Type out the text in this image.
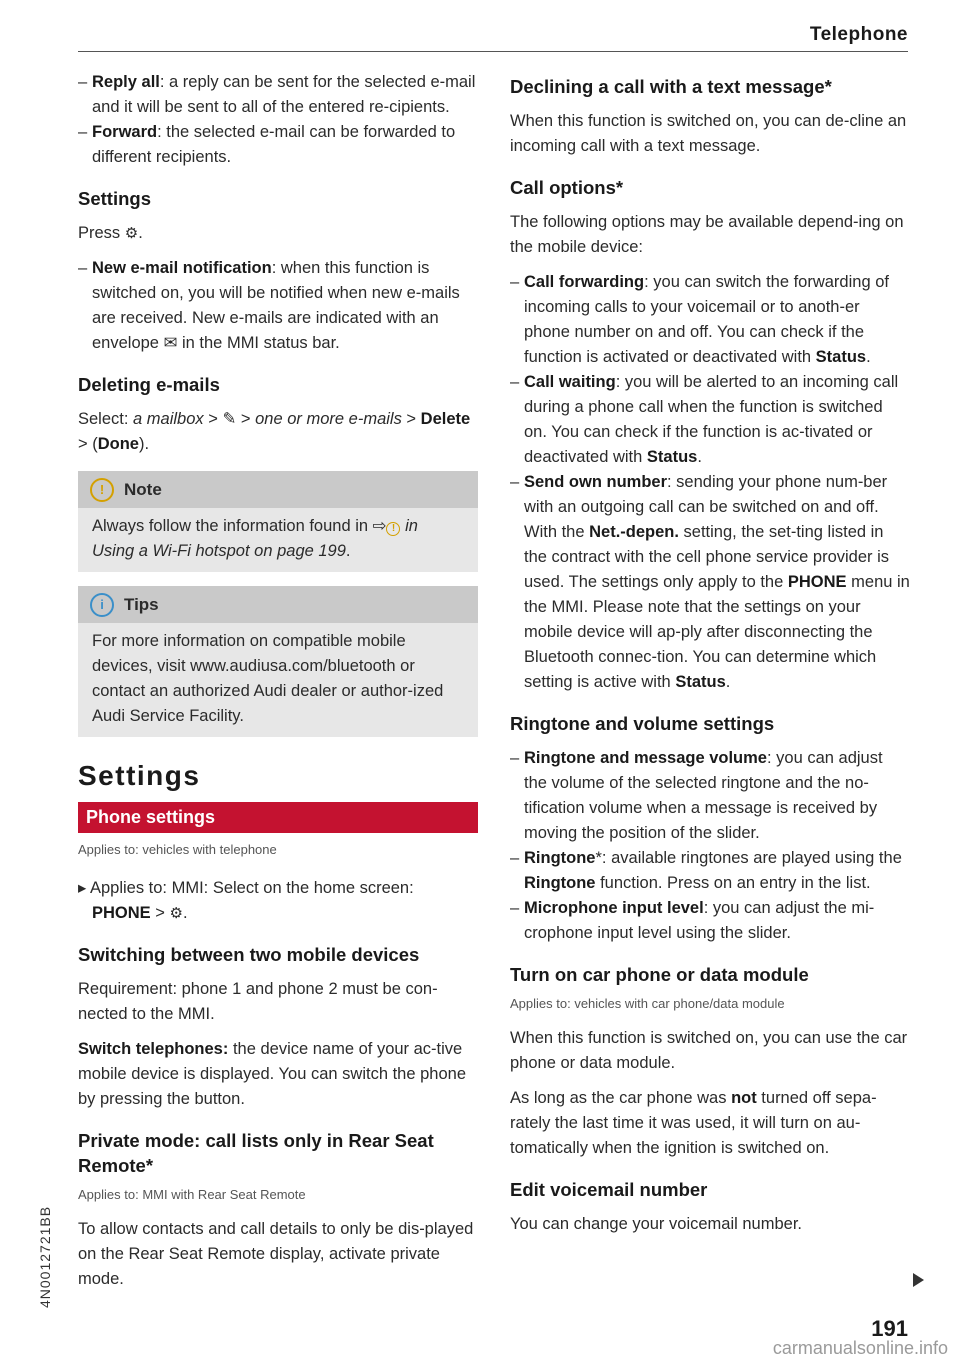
Telephone
4N0012721BB

– Reply all: a reply can be sent for the selected e-mail and it will be sent to all of the entered re-cipients.

– Forward: the selected e-mail can be forwarded to different recipients.

Settings

Press ⚙.

– New e-mail notification: when this function is switched on, you will be notified when new e-mails are received. New e-mails are indicated with an envelope ✉ in the MMI status bar.

Deleting e-mails

Select: a mailbox > ✎ > one or more e-mails > Delete > (Done).

!	Note
Always follow the information found in ⇨ ! in Using a Wi-Fi hotspot on page 199.
i	Tips
For more information on compatible mobile devices, visit www.audiusa.com/bluetooth or contact an authorized Audi dealer or author-ized Audi Service Facility.
Settings
Phone settings
Applies to: vehicles with telephone

▸ Applies to: MMI: Select on the home screen:
PHONE > ⚙.

Switching between two mobile devices

Requirement: phone 1 and phone 2 must be con-nected to the MMI.

Switch telephones: the device name of your ac-tive mobile device is displayed. You can switch the phone by pressing the button.

Private mode: call lists only in Rear Seat Remote*
Applies to: MMI with Rear Seat Remote

To allow contacts and call details to only be dis-played on the Rear Seat Remote display, activate private mode.

Declining a call with a text message*

When this function is switched on, you can de-cline an incoming call with a text message.

Call options*

The following options may be available depend-ing on the mobile device:

– Call forwarding: you can switch the forwarding of incoming calls to your voicemail or to anoth-er phone number on and off. You can check if the function is activated or deactivated with Status.

– Call waiting: you will be alerted to an incoming call during a phone call when the function is switched on. You can check if the function is ac-tivated or deactivated with Status.

– Send own number: sending your phone num-ber with an outgoing call can be switched on and off. With the Net.-depen. setting, the set-ting listed in the contract with the cell phone service provider is used. The settings only apply to the PHONE menu in the MMI. Please note that the settings on your mobile device will ap-ply after disconnecting the Bluetooth connec-tion. You can determine which setting is active with Status.

Ringtone and volume settings

– Ringtone and message volume: you can adjust the volume of the selected ringtone and the no-tification volume when a message is received by moving the position of the slider.

– Ringtone*: available ringtones are played using the Ringtone function. Press on an entry in the list.

– Microphone input level: you can adjust the mi-crophone input level using the slider.

Turn on car phone or data module
Applies to: vehicles with car phone/data module

When this function is switched on, you can use the car phone or data module.

As long as the car phone was not turned off sepa-rately the last time it was used, it will turn on au-tomatically when the ignition is switched on.

Edit voicemail number

You can change your voicemail number.

191
carmanualsonline.info
